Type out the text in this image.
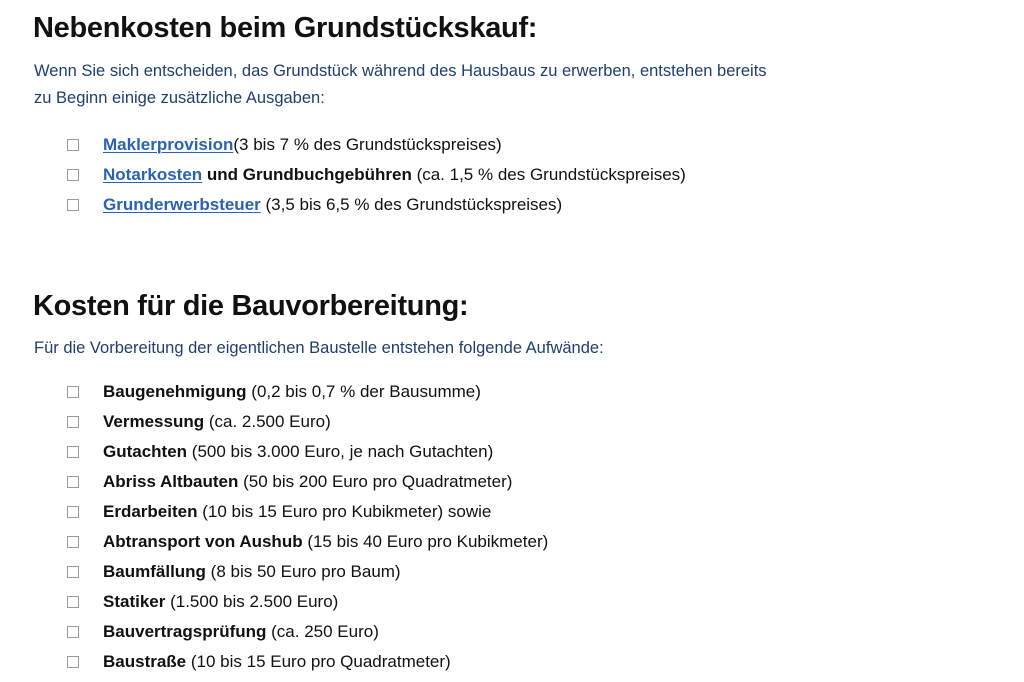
Nebenkosten beim Grundstückskauf:
Wenn Sie sich entscheiden, das Grundstück während des Hausbaus zu erwerben, entstehen bereits
zu Beginn einige zusätzliche Ausgaben:
Maklerprovision (3 bis 7 % des Grundstückspreises)
Notarkosten und Grundbuchgebühren (ca. 1,5 % des Grundstückspreises)
Grunderwerbsteuer (3,5 bis 6,5 % des Grundstückspreises)
Kosten für die Bauvorbereitung:
Für die Vorbereitung der eigentlichen Baustelle entstehen folgende Aufwände:
Baugenehmigung (0,2 bis 0,7 % der Bausumme)
Vermessung (ca. 2.500 Euro)
Gutachten (500 bis 3.000 Euro, je nach Gutachten)
Abriss Altbauten (50 bis 200 Euro pro Quadratmeter)
Erdarbeiten (10 bis 15 Euro pro Kubikmeter) sowie
Abtransport von Aushub (15 bis 40 Euro pro Kubikmeter)
Baumfällung (8 bis 50 Euro pro Baum)
Statiker (1.500 bis 2.500 Euro)
Bauvertragsprüfung (ca. 250 Euro)
Baustraße (10 bis 15 Euro pro Quadratmeter)
